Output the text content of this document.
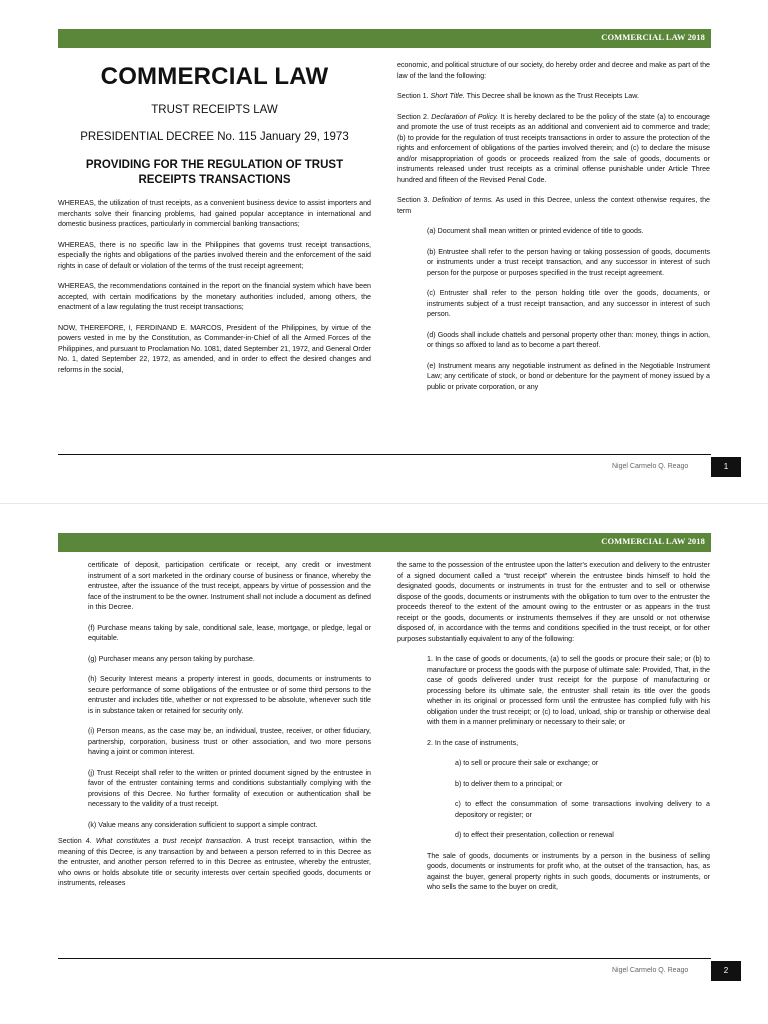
COMMERCIAL LAW 2018
COMMERCIAL LAW
TRUST RECEIPTS LAW
PRESIDENTIAL DECREE No. 115 January 29, 1973
PROVIDING FOR THE REGULATION OF TRUST RECEIPTS TRANSACTIONS

WHEREAS, the utilization of trust receipts, as a convenient business device to assist importers and merchants solve their financing problems, had gained popular acceptance in international and domestic business practices, particularly in commercial banking transactions;

WHEREAS, there is no specific law in the Philippines that governs trust receipt transactions, especially the rights and obligations of the parties involved therein and the enforcement of the said rights in case of default or violation of the terms of the trust receipt agreement;

WHEREAS, the recommendations contained in the report on the financial system which have been accepted, with certain modifications by the monetary authorities included, among others, the enactment of a law regulating the trust receipt transactions;

NOW, THEREFORE, I, FERDINAND E. MARCOS, President of the Philippines, by virtue of the powers vested in me by the Constitution, as Commander-in-Chief of all the Armed Forces of the Philippines, and pursuant to Proclamation No. 1081, dated September 21, 1972, and General Order No. 1, dated September 22, 1972, as amended, and in order to effect the desired changes and reforms in the social,

economic, and political structure of our society, do hereby order and decree and make as part of the law of the land the following:

Section 1. Short Title. This Decree shall be known as the Trust Receipts Law.

Section 2. Declaration of Policy. It is hereby declared to be the policy of the state (a) to encourage and promote the use of trust receipts as an additional and convenient aid to commerce and trade; (b) to provide for the regulation of trust receipts transactions in order to assure the protection of the rights and enforcement of obligations of the parties involved therein; and (c) to declare the misuse and/or misappropriation of goods or proceeds realized from the sale of goods, documents or instruments released under trust receipts as a criminal offense punishable under Article Three hundred and fifteen of the Revised Penal Code.

Section 3. Definition of terms. As used in this Decree, unless the context otherwise requires, the term

(a) Document shall mean written or printed evidence of title to goods.

(b) Entrustee shall refer to the person having or taking possession of goods, documents or instruments under a trust receipt transaction, and any successor in interest of such person for the purpose or purposes specified in the trust receipt agreement.

(c) Entruster shall refer to the person holding title over the goods, documents, or instruments subject of a trust receipt transaction, and any successor in interest of such person.

(d) Goods shall include chattels and personal property other than: money, things in action, or things so affixed to land as to become a part thereof.

(e) Instrument means any negotiable instrument as defined in the Negotiable Instrument Law; any certificate of stock, or bond or debenture for the payment of money issued by a public or private corporation, or any

Nigel Carmelo Q. Reago	1
COMMERCIAL LAW 2018

certificate of deposit, participation certificate or receipt, any credit or investment instrument of a sort marketed in the ordinary course of business or finance, whereby the entrustee, after the issuance of the trust receipt, appears by virtue of possession and the face of the instrument to be the owner. Instrument shall not include a document as defined in this Decree.

(f) Purchase means taking by sale, conditional sale, lease, mortgage, or pledge, legal or equitable.

(g) Purchaser means any person taking by purchase.

(h) Security Interest means a property interest in goods, documents or instruments to secure performance of some obligations of the entrustee or of some third persons to the entruster and includes title, whether or not expressed to be absolute, whenever such title is in substance taken or retained for security only.

(i) Person means, as the case may be, an individual, trustee, receiver, or other fiduciary, partnership, corporation, business trust or other association, and two more persons having a joint or common interest.

(j) Trust Receipt shall refer to the written or printed document signed by the entrustee in favor of the entruster containing terms and conditions substantially complying with the provisions of this Decree. No further formality of execution or authentication shall be necessary to the validity of a trust receipt.

(k) Value means any consideration sufficient to support a simple contract.

Section 4. What constitutes a trust receipt transaction. A trust receipt transaction, within the meaning of this Decree, is any transaction by and between a person referred to in this Decree as the entruster, and another person referred to in this Decree as entrustee, whereby the entruster, who owns or holds absolute title or security interests over certain specified goods, documents or instruments, releases

the same to the possession of the entrustee upon the latter's execution and delivery to the entruster of a signed document called a “trust receipt” wherein the entrustee binds himself to hold the designated goods, documents or instruments in trust for the entruster and to sell or otherwise dispose of the goods, documents or instruments with the obligation to turn over to the entruster the proceeds thereof to the extent of the amount owing to the entruster or as appears in the trust receipt or the goods, documents or instruments themselves if they are unsold or not otherwise disposed of, in accordance with the terms and conditions specified in the trust receipt, or for other purposes substantially equivalent to any of the following:

1. In the case of goods or documents, (a) to sell the goods or procure their sale; or (b) to manufacture or process the goods with the purpose of ultimate sale: Provided, That, in the case of goods delivered under trust receipt for the purpose of manufacturing or processing before its ultimate sale, the entruster shall retain its title over the goods whether in its original or processed form until the entrustee has complied fully with his obligation under the trust receipt; or (c) to load, unload, ship or tranship or otherwise deal with them in a manner preliminary or necessary to their sale; or

2. In the case of instruments,

a) to sell or procure their sale or exchange; or

b) to deliver them to a principal; or

c) to effect the consummation of some transactions involving delivery to a depository or register; or

d) to effect their presentation, collection or renewal

The sale of goods, documents or instruments by a person in the business of selling goods, documents or instruments for profit who, at the outset of the transaction, has, as against the buyer, general property rights in such goods, documents or instruments, or who sells the same to the buyer on credit,

Nigel Carmelo Q. Reago	2
